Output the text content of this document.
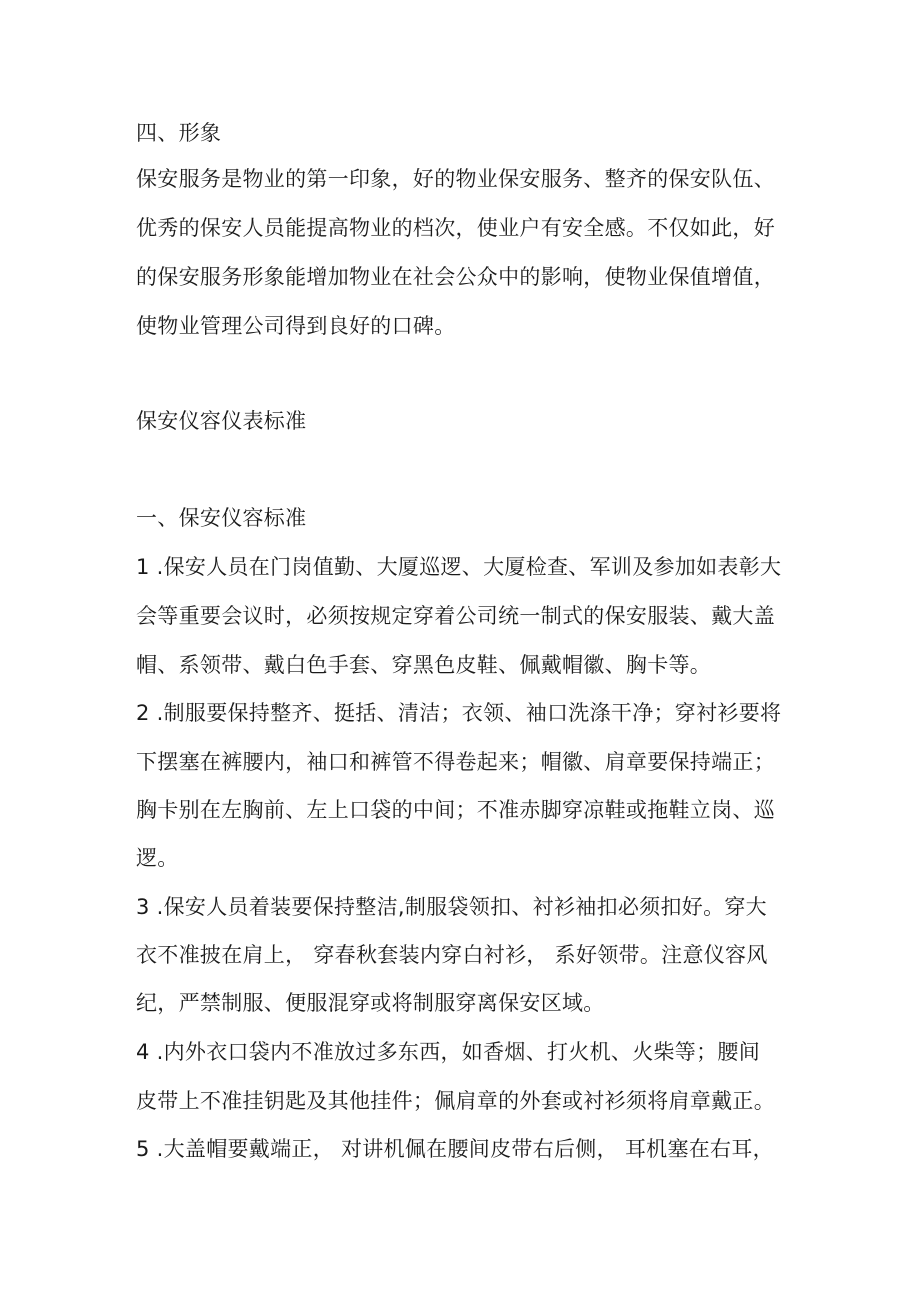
四、形象
保安服务是物业的第一印象，好的物业保安服务、整齐的保安队伍、
优秀的保安人员能提高物业的档次，使业户有安全感。不仅如此，好
的保安服务形象能增加物业在社会公众中的影响，使物业保值增值，
使物业管理公司得到良好的口碑。
保安仪容仪表标准
一、保安仪容标准
1 .保安人员在门岗值勤、大厦巡逻、大厦检查、军训及参加如表彰大
会等重要会议时，必须按规定穿着公司统一制式的保安服装、戴大盖
帽、系领带、戴白色手套、穿黑色皮鞋、佩戴帽徽、胸卡等。
2 .制服要保持整齐、挺括、清洁；衣领、袖口洗涤干净；穿衬衫要将
下摆塞在裤腰内，袖口和裤管不得卷起来；帽徽、肩章要保持端正；
胸卡别在左胸前、左上口袋的中间；不准赤脚穿凉鞋或拖鞋立岗、巡
逻。
3 .保安人员着装要保持整洁,制服袋领扣、衬衫袖扣必须扣好。穿大
衣不准披在肩上， 穿春秋套装内穿白衬衫， 系好领带。注意仪容风
纪，严禁制服、便服混穿或将制服穿离保安区域。
4 .内外衣口袋内不准放过多东西，如香烟、打火机、火柴等；腰间
皮带上不准挂钥匙及其他挂件；佩肩章的外套或衬衫须将肩章戴正。
5 .大盖帽要戴端正， 对讲机佩在腰间皮带右后侧， 耳机塞在右耳，
